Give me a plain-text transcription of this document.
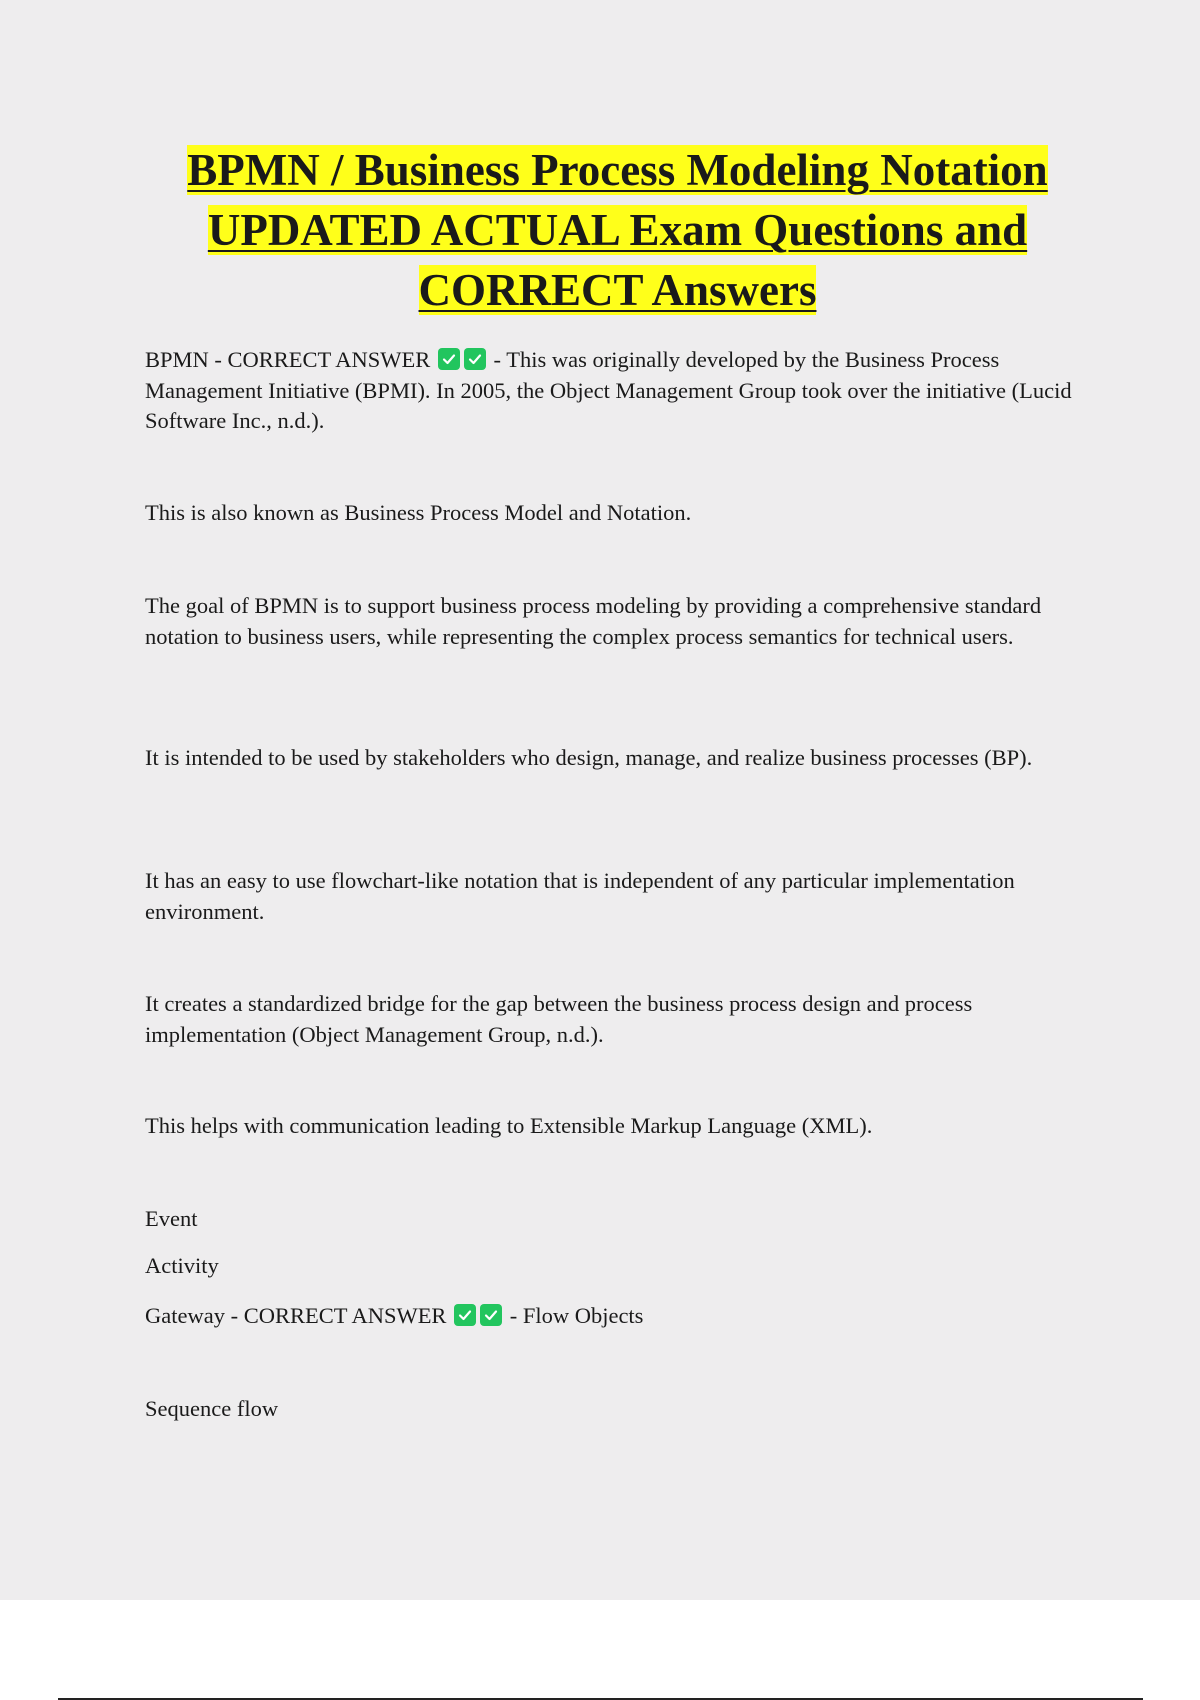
BPMN / Business Process Modeling Notation
UPDATED ACTUAL Exam Questions and
CORRECT Answers

BPMN - CORRECT ANSWER	- This was originally developed by the Business Process Management Initiative (BPMI). In 2005, the Object Management Group took over the initiative (Lucid Software Inc., n.d.).

This is also known as Business Process Model and Notation.

The goal of BPMN is to support business process modeling by providing a comprehensive standard notation to business users, while representing the complex process semantics for technical users.

It is intended to be used by stakeholders who design, manage, and realize business processes (BP).

It has an easy to use flowchart-like notation that is independent of any particular implementation environment.

It creates a standardized bridge for the gap between the business process design and process implementation (Object Management Group, n.d.).

This helps with communication leading to Extensible Markup Language (XML).

Event

Activity

Gateway - CORRECT ANSWER	- Flow Objects

Sequence flow
